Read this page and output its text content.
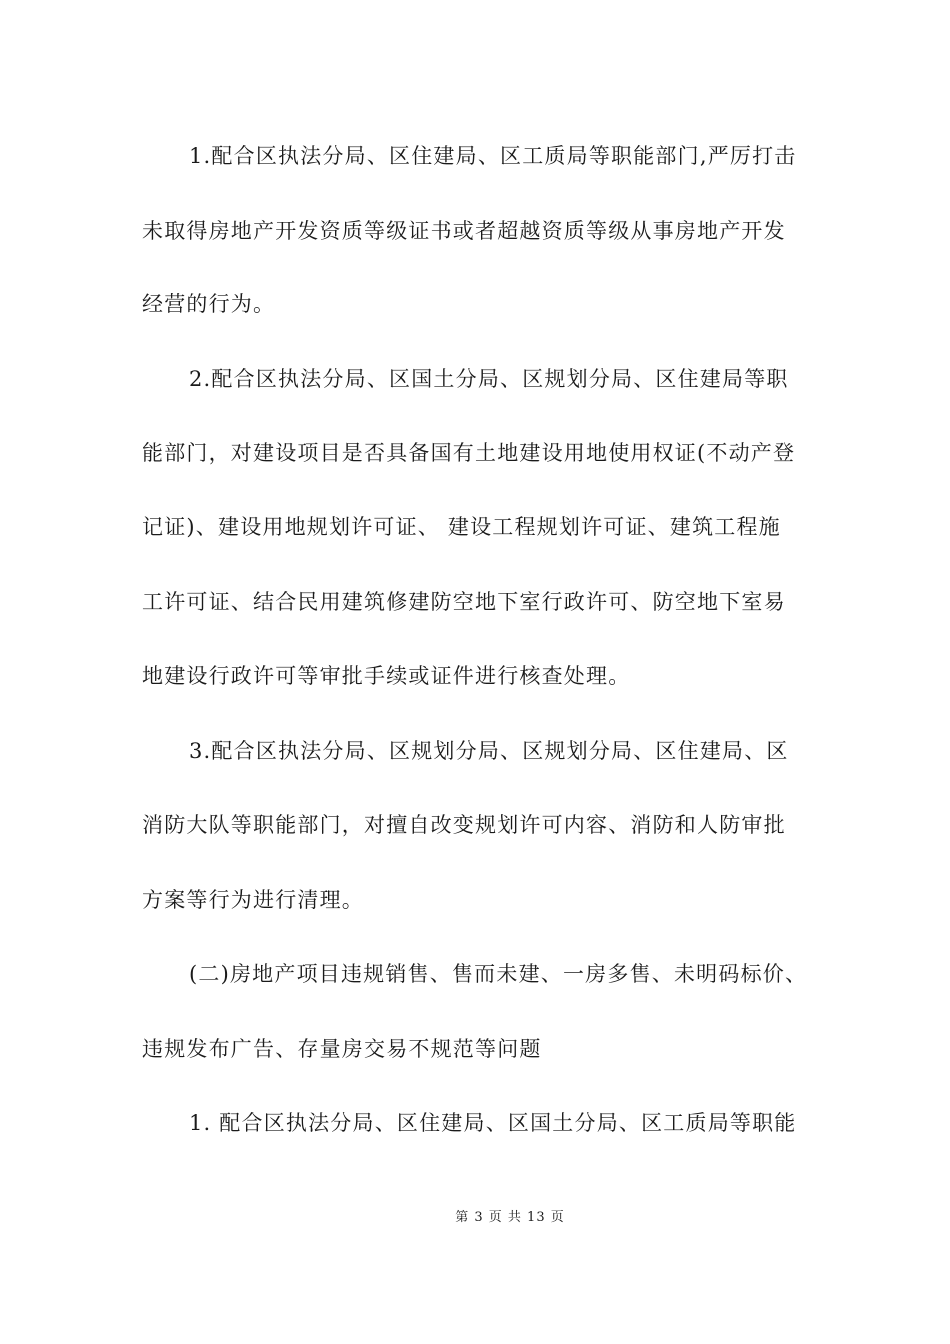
1.配合区执法分局、区住建局、区工质局等职能部门,严厉打击
未取得房地产开发资质等级证书或者超越资质等级从事房地产开发
经营的行为。
2.配合区执法分局、区国土分局、区规划分局、区住建局等职
能部门，对建设项目是否具备国有土地建设用地使用权证(不动产登
记证)、建设用地规划许可证、 建设工程规划许可证、建筑工程施
工许可证、结合民用建筑修建防空地下室行政许可、防空地下室易
地建设行政许可等审批手续或证件进行核查处理。
3.配合区执法分局、区规划分局、区规划分局、区住建局、区
消防大队等职能部门，对擅自改变规划许可内容、消防和人防审批
方案等行为进行清理。
(二)房地产项目违规销售、售而未建、一房多售、未明码标价、
违规发布广告、存量房交易不规范等问题
1. 配合区执法分局、区住建局、区国土分局、区工质局等职能
第 3 页 共 13 页
